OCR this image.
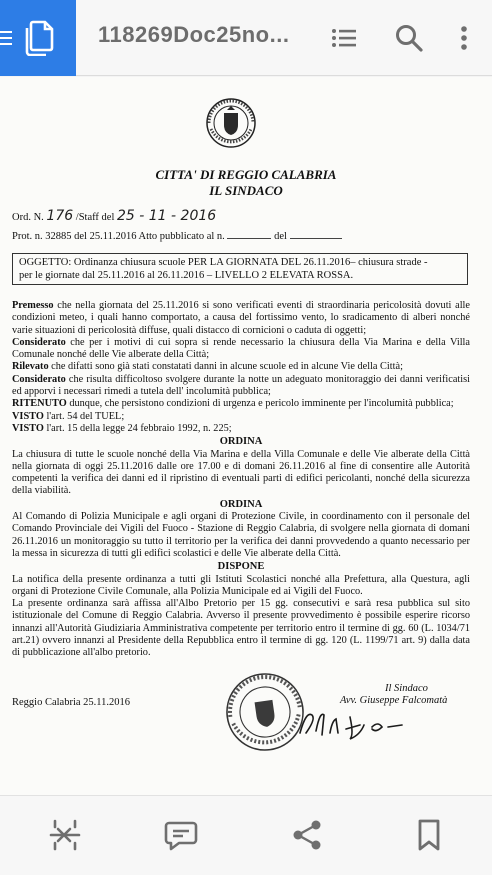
118269Doc25no...
CITTA' DI REGGIO CALABRIA
IL SINDACO
Ord. N. 176 /Staff del 25 - 11 - 2016
Prot. n. 32885 del 25.11.2016 Atto pubblicato al n.	del
OGGETTO: Ordinanza chiusura scuole PER LA GIORNATA DEL 26.11.2016– chiusura strade -
per le giornate dal 25.11.2016 al 26.11.2016 – LIVELLO 2 ELEVATA ROSSA.

Premesso che nella giornata del 25.11.2016 si sono verificati eventi di straordinaria pericolosità dovuti alle condizioni meteo, i quali hanno comportato, a causa del fortissimo vento, lo sradicamento di alberi nonché varie situazioni di pericolosità diffuse, quali distacco di cornicioni o caduta di oggetti;

Considerato che per i motivi di cui sopra si rende necessario la chiusura della Via Marina e della Villa Comunale nonché delle Vie alberate della Città;

Rilevato che difatti sono già stati constatati danni in alcune scuole ed in alcune Vie della Città;

Considerato che risulta difficoltoso svolgere durante la notte un adeguato monitoraggio dei danni verificatisi ed apporvi i necessari rimedi a tutela dell' incolumità pubblica;

RITENUTO dunque, che persistono condizioni di urgenza e pericolo imminente per l'incolumità pubblica;

VISTO l'art. 54 del TUEL;

VISTO l'art. 15 della legge 24 febbraio 1992, n. 225;

ORDINA

La chiusura di tutte le scuole nonché della Via Marina e della Villa Comunale e delle Vie alberate della Città nella giornata di oggi 25.11.2016 dalle ore 17.00 e di domani 26.11.2016 al fine di consentire alle Autorità competenti la verifica dei danni ed il ripristino di eventuali parti di edifici pericolanti, nonché della sicurezza della viabilità.

ORDINA

Al Comando di Polizia Municipale e agli organi di Protezione Civile, in coordinamento con il personale del Comando Provinciale dei Vigili del Fuoco - Stazione di Reggio Calabria, di svolgere nella giornata di domani 26.11.2016 un monitoraggio su tutto il territorio per la verifica dei danni provvedendo a quanto necessario per la messa in sicurezza di tutti gli edifici scolastici e delle Vie alberate della Città.

DISPONE

La notifica della presente ordinanza a tutti gli Istituti Scolastici nonché alla Prefettura, alla Questura, agli organi di Protezione Civile Comunale, alla Polizia Municipale ed ai Vigili del Fuoco.

La presente ordinanza sarà affissa all'Albo Pretorio per 15 gg. consecutivi e sarà resa pubblica sul sito istituzionale del Comune di Reggio Calabria. Avverso il presente provvedimento è possibile esperire ricorso innanzi all'Autorità Giudiziaria Amministrativa competente per territorio entro il termine di gg. 60 (L. 1034/71 art.21) ovvero innanzi al Presidente della Repubblica entro il termine di gg. 120 (L. 1199/71 art. 9) dalla data di pubblicazione all'albo pretorio.

Reggio Calabria 25.11.2016
Il Sindaco
Avv. Giuseppe Falcomatà
